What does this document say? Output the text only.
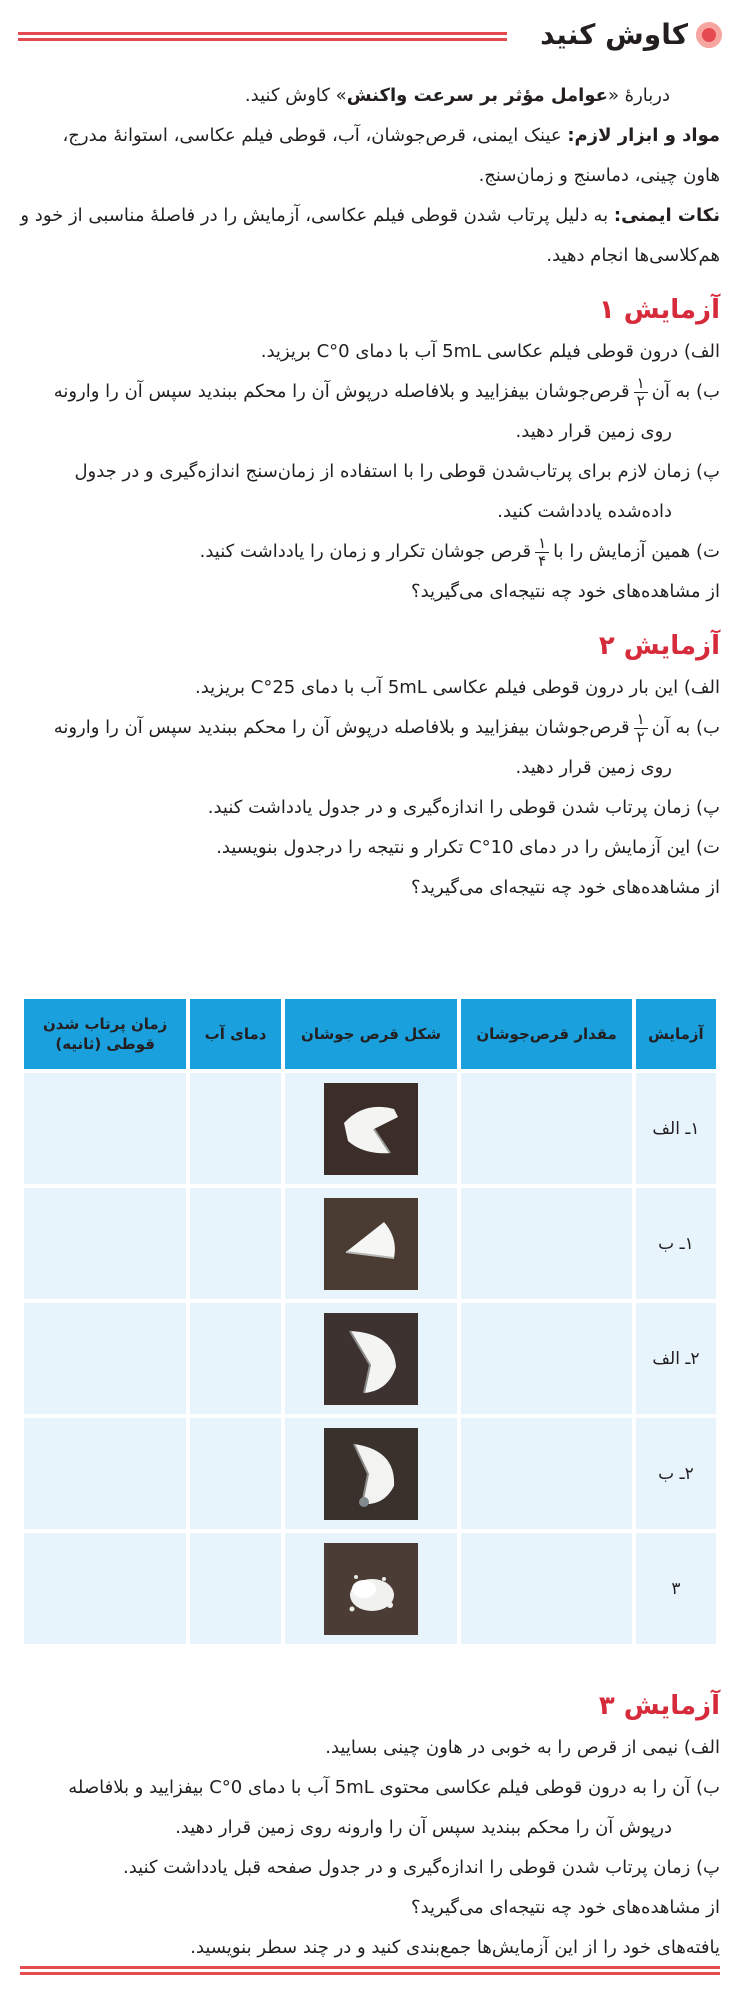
کاوش کنید

دربارهٔ «عوامل مؤثر بر سرعت واکنش» کاوش کنید.

مواد و ابزار لازم: عینک ایمنی، قرص‌جوشان، آب، قوطی فیلم عکاسی، استوانهٔ مدرج، هاون چینی، دماسنج و زمان‌سنج.

نکات ایمنی: به دلیل پرتاب شدن قوطی فیلم عکاسی، آزمایش را در فاصلهٔ مناسبی از خود و هم‌کلاسی‌ها انجام دهید.

آزمایش ۱

الف) درون قوطی فیلم عکاسی 5mL آب با دمای 0°C بریزید.

ب) به آن
$\frac{۱}{۲}$
قرص‌جوشان بیفزایید و بلافاصله درپوش آن را محکم ببندید سپس آن را وارونه

روی زمین قرار دهید.

پ) زمان لازم برای پرتاب‌شدن قوطی را با استفاده از زمان‌سنج اندازه‌گیری و در جدول

داده‌شده یادداشت کنید.

ت) همین آزمایش را با
$\frac{۱}{۴}$
قرص جوشان تکرار و زمان را یادداشت کنید.

از مشاهده‌های خود چه نتیجه‌ای می‌گیرید؟

آزمایش ۲

الف) این بار درون قوطی فیلم عکاسی 5mL آب با دمای 25°C بریزید.

ب) به آن
$\frac{۱}{۲}$
قرص‌جوشان بیفزایید و بلافاصله درپوش آن را محکم ببندید سپس آن را وارونه

روی زمین قرار دهید.

پ) زمان پرتاب شدن قوطی را اندازه‌گیری و در جدول یادداشت کنید.

ت) این آزمایش را در دمای 10°C تکرار و نتیجه را درجدول بنویسید.

از مشاهده‌های خود چه نتیجه‌ای می‌گیرید؟

آزمایش	مقدار قرص‌جوشان	شکل قرص جوشان	دمای آب	زمان پرتاب شدن قوطی (ثانیه)
۱ـ الف		

۱ـ ب		

۲ـ الف		

۲ـ ب		

۳		

آزمایش ۳

الف) نیمی از قرص را به خوبی در هاون چینی بسایید.

ب) آن را به درون قوطی فیلم عکاسی محتوی 5mL آب با دمای 0°C بیفزایید و بلافاصله

درپوش آن را محکم ببندید سپس آن را وارونه روی زمین قرار دهید.

پ) زمان پرتاب شدن قوطی را اندازه‌گیری و در جدول صفحه قبل یادداشت کنید.

از مشاهده‌های خود چه نتیجه‌ای می‌گیرید؟

یافته‌های خود را از این آزمایش‌ها جمع‌بندی کنید و در چند سطر بنویسید.
